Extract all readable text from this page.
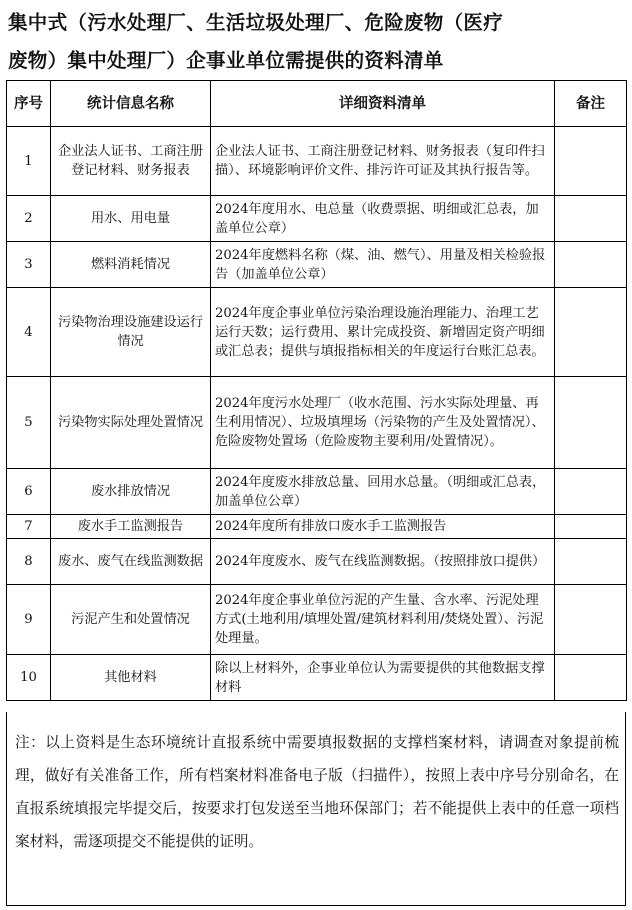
集中式（污水处理厂、生活垃圾处理厂、危险废物（医疗
废物）集中处理厂）企事业单位需提供的资料清单
序号	统计信息名称	详细资料清单	备注
1	企业法人证书、工商注册登记材料、财务报表	企业法人证书、工商注册登记材料、财务报表（复印件扫描）、环境影响评价文件、排污许可证及其执行报告等。	
2	用水、用电量	2024年度用水、电总量（收费票据、明细或汇总表，加盖单位公章）	
3	燃料消耗情况	2024年度燃料名称（煤、油、燃气）、用量及相关检验报告（加盖单位公章）	
4	污染物治理设施建设运行情况	2024年度企事业单位污染治理设施治理能力、治理工艺运行天数；运行费用、累计完成投资、新增固定资产明细或汇总表；提供与填报指标相关的年度运行台账汇总表。	
5	污染物实际处理处置情况	2024年度污水处理厂（收水范围、污水实际处理量、再生利用情况）、垃圾填埋场（污染物的产生及处置情况）、危险废物处置场（危险废物主要利用/处置情况）。	
6	废水排放情况	2024年度废水排放总量、回用水总量。（明细或汇总表，加盖单位公章）	
7	废水手工监测报告	2024年度所有排放口废水手工监测报告	
8	废水、废气在线监测数据	2024年度废水、废气在线监测数据。（按照排放口提供）	
9	污泥产生和处置情况	2024年度企事业单位污泥的产生量、含水率、污泥处理方式(土地利用/填埋处置/建筑材料利用/焚烧处置）、污泥处理量。	
10	其他材料	除以上材料外，企事业单位认为需要提供的其他数据支撑材料	
注：以上资料是生态环境统计直报系统中需要填报数据的支撑档案材料，请调查对象提前梳理，做好有关准备工作，所有档案材料准备电子版（扫描件），按照上表中序号分别命名，在直报系统填报完毕提交后，按要求打包发送至当地环保部门；若不能提供上表中的任意一项档案材料，需逐项提交不能提供的证明。
